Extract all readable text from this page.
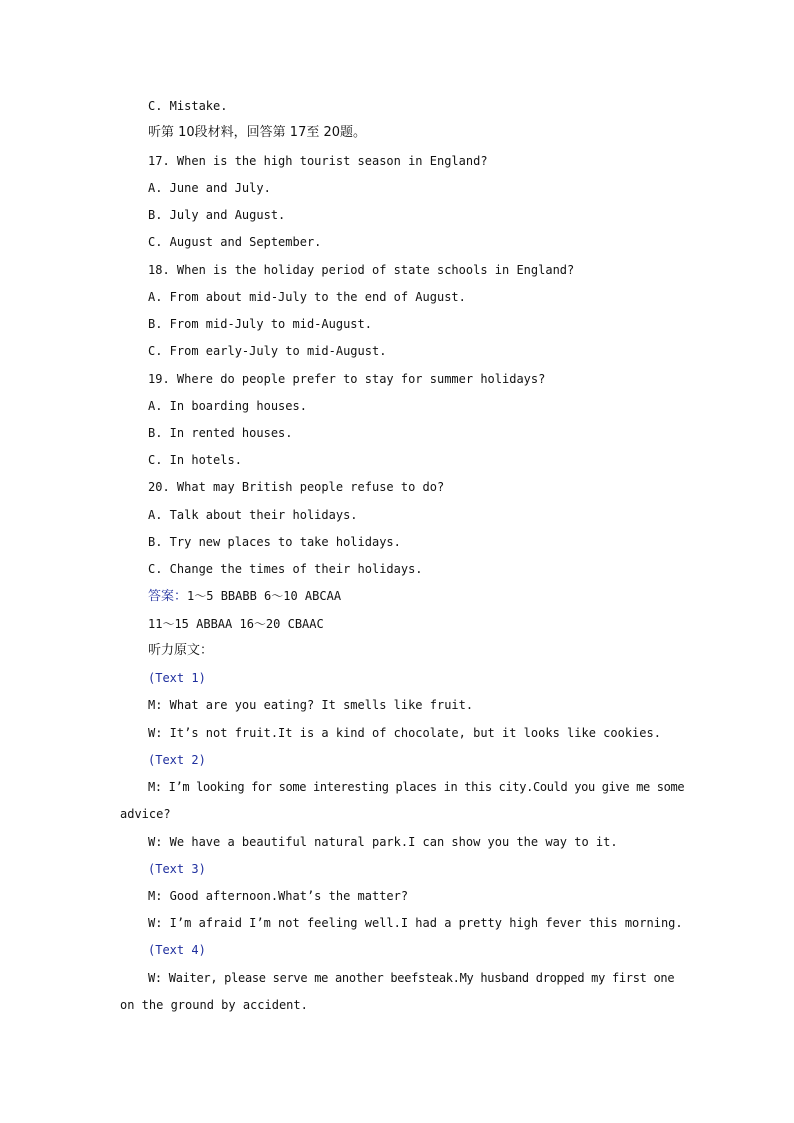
C. Mistake.
听第 10段材料，回答第 17至 20题。
17. When is the high tourist season in England?
A. June and July.
B. July and August.
C. August and September.
18. When is the holiday period of state schools in England?
A. From about mid-July to the end of August.
B. From mid-July to mid-August.
C. From early-July to mid-August.
19. Where do people prefer to stay for summer holidays?
A. In boarding houses.
B. In rented houses.
C. In hotels.
20. What may British people refuse to do?
A. Talk about their holidays.
B. Try new places to take holidays.
C. Change the times of their holidays.
答案：1～5 BBABB 6～10 ABCAA
11～15 ABBAA 16～20 CBAAC
听力原文：
(Text 1)
M: What are you eating? It smells like fruit.
W: It’s not fruit.It is a kind of chocolate, but it looks like cookies.
(Text 2)
M: I’m looking for some interesting places in this city.Could you give me some
advice?
W: We have a beautiful natural park.I can show you the way to it.
(Text 3)
M: Good afternoon.What’s the matter?
W: I’m afraid I’m not feeling well.I had a pretty high fever this morning.
(Text 4)
W: Waiter, please serve me another beefsteak.My husband dropped my first one
on the ground by accident.
